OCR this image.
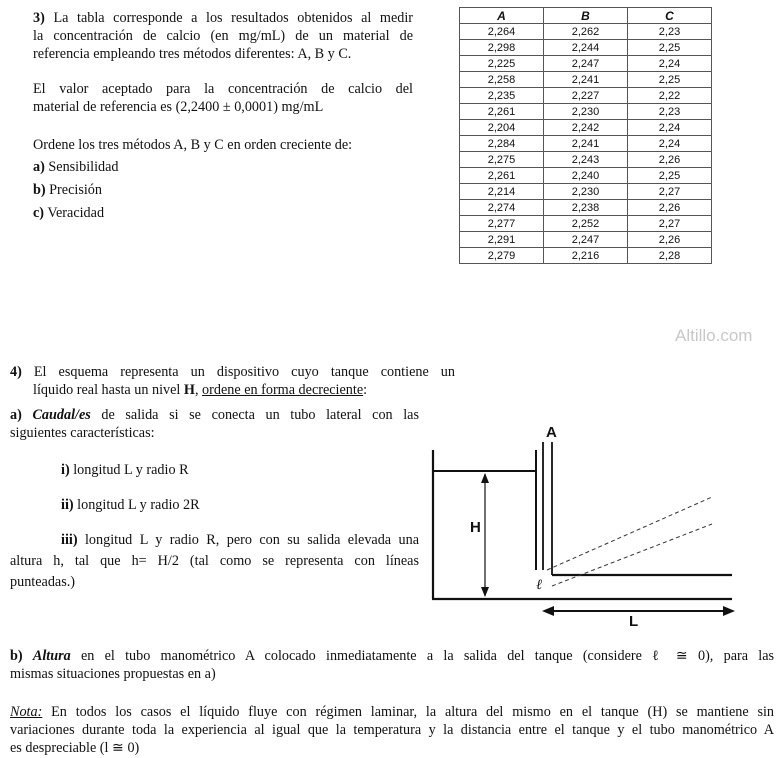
3) La tabla corresponde a los resultados obtenidos al medir
la concentración de calcio (en mg/mL) de un material de
referencia empleando tres métodos diferentes: A, B y C.
El valor aceptado para la concentración de calcio del
material de referencia es (2,2400 ± 0,0001) mg/mL
Ordene los tres métodos A, B y C en orden creciente de:
a) Sensibilidad
b) Precisión
c) Veracidad
A	B	C
2,264	2,262	2,23
2,298	2,244	2,25
2,225	2,247	2,24
2,258	2,241	2,25
2,235	2,227	2,22
2,261	2,230	2,23
2,204	2,242	2,24
2,284	2,241	2,24
2,275	2,243	2,26
2,261	2,240	2,25
2,214	2,230	2,27
2,274	2,238	2,26
2,277	2,252	2,27
2,291	2,247	2,26
2,279	2,216	2,28
Altillo.com
4) El esquema representa un dispositivo cuyo tanque contiene un
líquido real hasta un nivel H, ordene en forma decreciente:
a) Caudal/es de salida si se conecta un tubo lateral con las
siguientes características:
i) longitud L y radio R
ii) longitud L y radio 2R
iii) longitud L y radio R, pero con su salida elevada una
altura h, tal que h= H/2 (tal como se representa con líneas
punteadas.)
A
H
ℓ
L
b) Altura en el tubo manométrico A colocado inmediatamente a la salida del tanque (considere ℓ ≅ 0), para las
mismas situaciones propuestas en a)
Nota: En todos los casos el líquido fluye con régimen laminar, la altura del mismo en el tanque (H) se mantiene sin
variaciones durante toda la experiencia al igual que la temperatura y la distancia entre el tanque y el tubo manométrico A
es despreciable (l ≅ 0)
